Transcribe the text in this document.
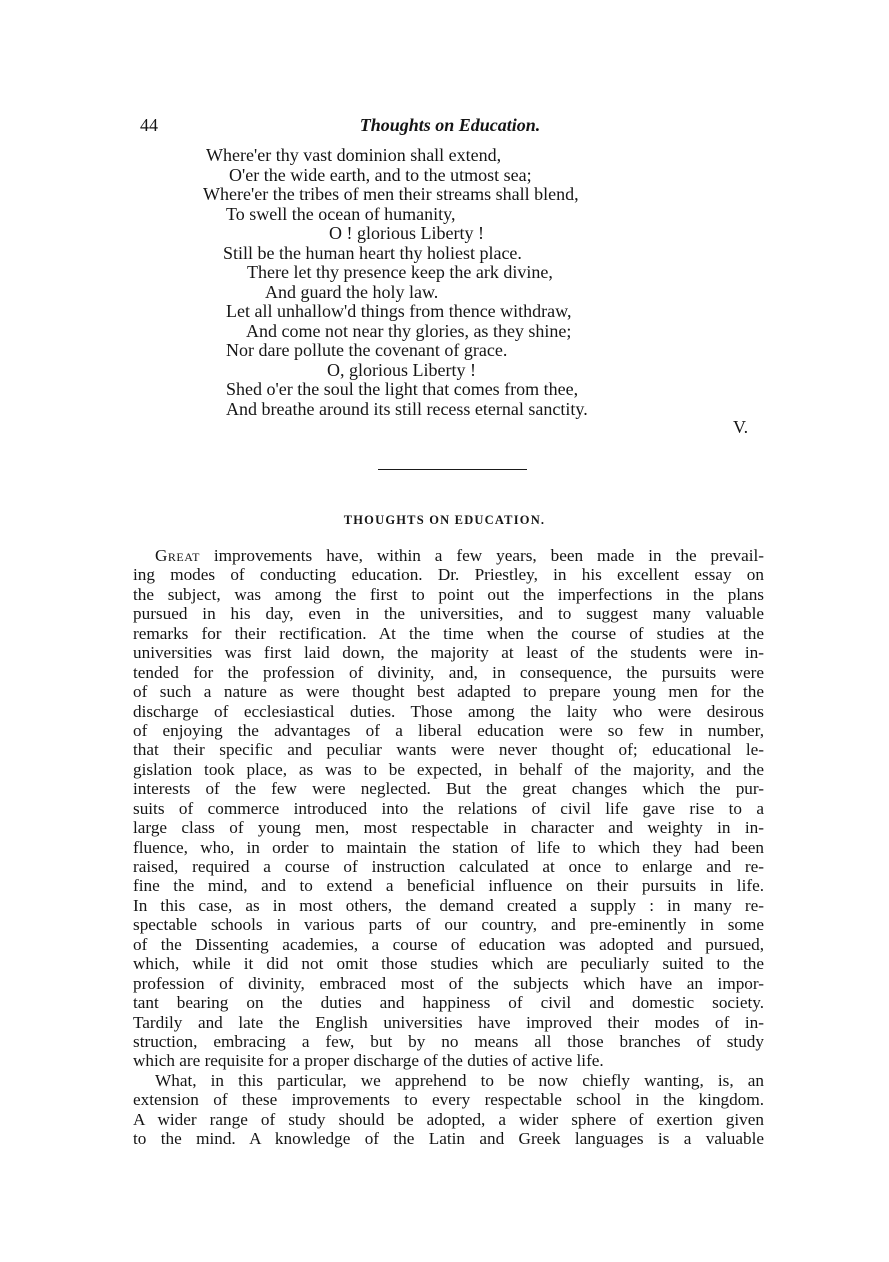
44	Thoughts on Education.
Where'er thy vast dominion shall extend,
O'er the wide earth, and to the utmost sea;
Where'er the tribes of men their streams shall blend,
To swell the ocean of humanity,
O ! glorious Liberty !
Still be the human heart thy holiest place.
There let thy presence keep the ark divine,
And guard the holy law.
Let all unhallow'd things from thence withdraw,
And come not near thy glories, as they shine;
Nor dare pollute the covenant of grace.
O, glorious Liberty !
Shed o'er the soul the light that comes from thee,
And breathe around its still recess eternal sanctity.
V.
THOUGHTS ON EDUCATION.
Great improvements have, within a few years, been made in the prevail-
ing modes of conducting education. Dr. Priestley, in his excellent essay on
the subject, was among the first to point out the imperfections in the plans
pursued in his day, even in the universities, and to suggest many valuable
remarks for their rectification. At the time when the course of studies at the
universities was first laid down, the majority at least of the students were in-
tended for the profession of divinity, and, in consequence, the pursuits were
of such a nature as were thought best adapted to prepare young men for the
discharge of ecclesiastical duties. Those among the laity who were desirous
of enjoying the advantages of a liberal education were so few in number,
that their specific and peculiar wants were never thought of; educational le-
gislation took place, as was to be expected, in behalf of the majority, and the
interests of the few were neglected. But the great changes which the pur-
suits of commerce introduced into the relations of civil life gave rise to a
large class of young men, most respectable in character and weighty in in-
fluence, who, in order to maintain the station of life to which they had been
raised, required a course of instruction calculated at once to enlarge and re-
fine the mind, and to extend a beneficial influence on their pursuits in life.
In this case, as in most others, the demand created a supply : in many re-
spectable schools in various parts of our country, and pre-eminently in some
of the Dissenting academies, a course of education was adopted and pursued,
which, while it did not omit those studies which are peculiarly suited to the
profession of divinity, embraced most of the subjects which have an impor-
tant bearing on the duties and happiness of civil and domestic society.
Tardily and late the English universities have improved their modes of in-
struction, embracing a few, but by no means all those branches of study
which are requisite for a proper discharge of the duties of active life.
What, in this particular, we apprehend to be now chiefly wanting, is, an
extension of these improvements to every respectable school in the kingdom.
A wider range of study should be adopted, a wider sphere of exertion given
to the mind. A knowledge of the Latin and Greek languages is a valuable
